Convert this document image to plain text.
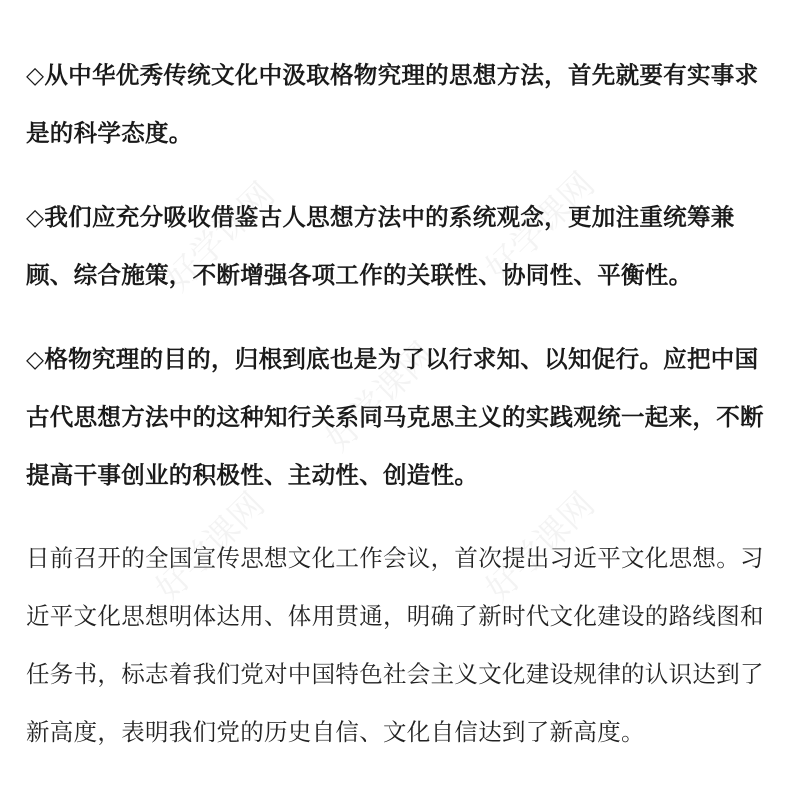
◇从中华优秀传统文化中汲取格物究理的思想方法，首先就要有实事求是的科学态度。

◇我们应充分吸收借鉴古人思想方法中的系统观念，更加注重统筹兼顾、综合施策，不断增强各项工作的关联性、协同性、平衡性。

◇格物究理的目的，归根到底也是为了以行求知、以知促行。应把中国古代思想方法中的这种知行关系同马克思主义的实践观统一起来，不断提高干事创业的积极性、主动性、创造性。

日前召开的全国宣传思想文化工作会议，首次提出习近平文化思想。习近平文化思想明体达用、体用贯通，明确了新时代文化建设的路线图和任务书，标志着我们党对中国特色社会主义文化建设规律的认识达到了新高度，表明我们党的历史自信、文化自信达到了新高度。

好学课网	好学课网
好学课网
好学课网	好学课网
